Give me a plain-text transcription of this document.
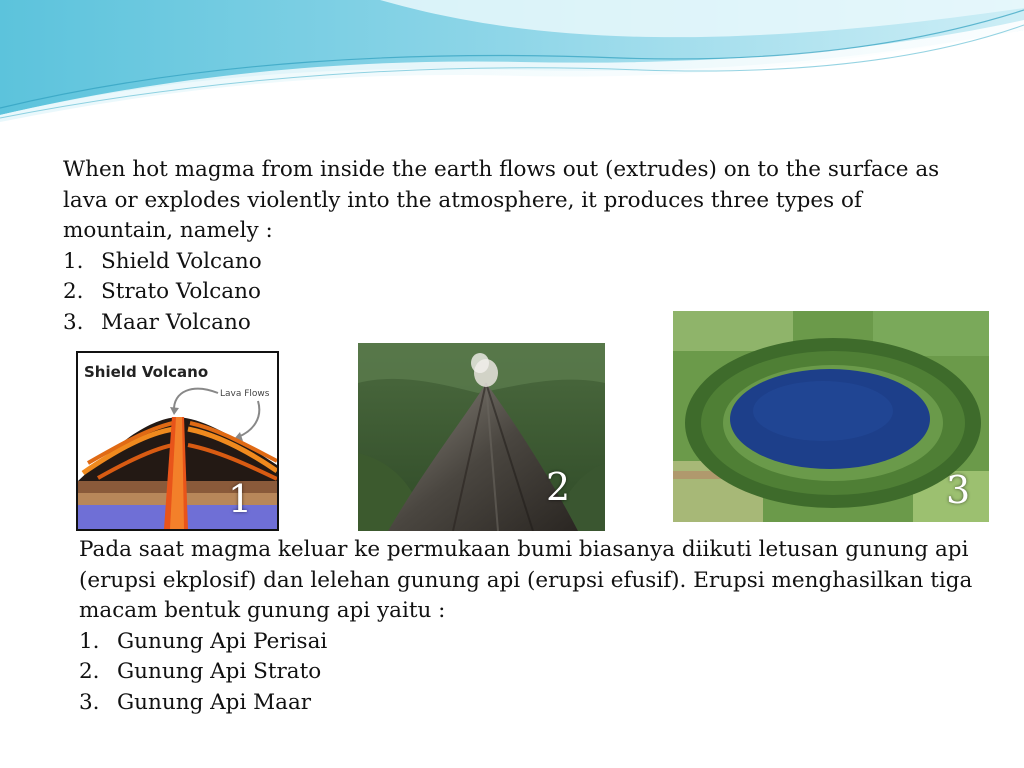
When hot magma from inside the earth flows out (extrudes) on to the surface as lava or explodes violently into the atmosphere, it produces three types of mountain, namely :

1. Shield Volcano
2. Strato Volcano
3. Maar Volcano
Shield Volcano
Lava Flows
1	2	3

Pada saat magma keluar ke permukaan bumi biasanya diikuti letusan gunung api (erupsi ekplosif) dan lelehan gunung api (erupsi efusif). Erupsi menghasilkan tiga macam bentuk gunung api yaitu :

1. Gunung Api Perisai
2. Gunung Api Strato
3. Gunung Api Maar
